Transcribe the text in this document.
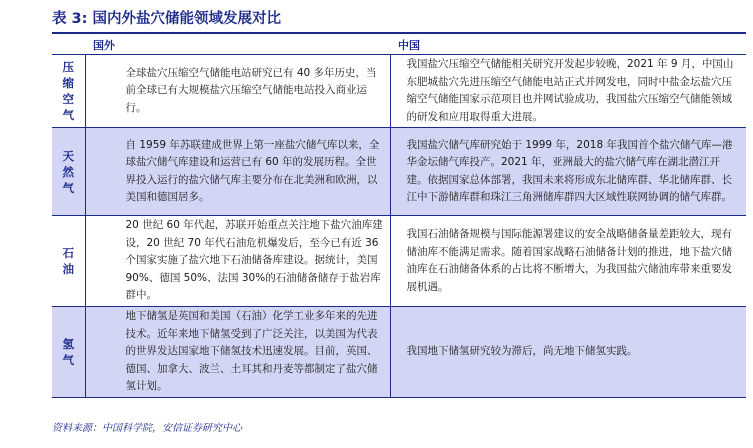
表 3: 国内外盐穴储能领域发展对比
	国外	中国
压
缩
空
气	全球盐穴压缩空气储能电站研究已有 40 多年历史，当前全球已有大规模盐穴压缩空气储能电站投入商业运行。	我国盐穴压缩空气储能相关研究开发起步较晚，2021 年 9 月，中国山东肥城盐穴先进压缩空气储能电站正式并网发电，同时中盐金坛盐穴压缩空气储能国家示范项目也并网试验成功，我国盐穴压缩空气储能领域的研发和应用取得重大进展。
天
然
气	自 1959 年苏联建成世界上第一座盐穴储气库以来，全球盐穴储气库建设和运营已有 60 年的发展历程。全世界投入运行的盐穴储气库主要分布在北美洲和欧洲，以美国和德国居多。	我国盐穴储气库研究始于 1999 年，2018 年我国首个盐穴储气库—港华金坛储气库投产。2021 年，亚洲最大的盐穴储气库在湖北潜江开建。依据国家总体部署，我国未来将形成东北储库群、华北储库群、长江中下游储库群和珠江三角洲储库群四大区域性联网协调的储气库群。
石
油	20 世纪 60 年代起，苏联开始重点关注地下盐穴油库建设，20 世纪 70 年代石油危机爆发后，至今已有近 36 个国家实施了盐穴地下石油储备库建设。据统计，美国 90%、德国 50%、法国 30%的石油储备储存于盐岩库群中。	我国石油储备规模与国际能源署建议的安全战略储备量差距较大，现有储油库不能满足需求。随着国家战略石油储备计划的推进，地下盐穴储油库在石油储备体系的占比将不断增大，为我国盐穴储油库带来重要发展机遇。
氢
气	地下储氢是英国和美国（石油）化学工业多年来的先进技术。近年来地下储氢受到了广泛关注，以美国为代表的世界发达国家地下储氢技术迅速发展。目前，英国、德国、加拿大、波兰、土耳其和丹麦等都制定了盐穴储氢计划。	我国地下储氢研究较为滞后，尚无地下储氢实践。
资料来源：中国科学院，安信证券研究中心
